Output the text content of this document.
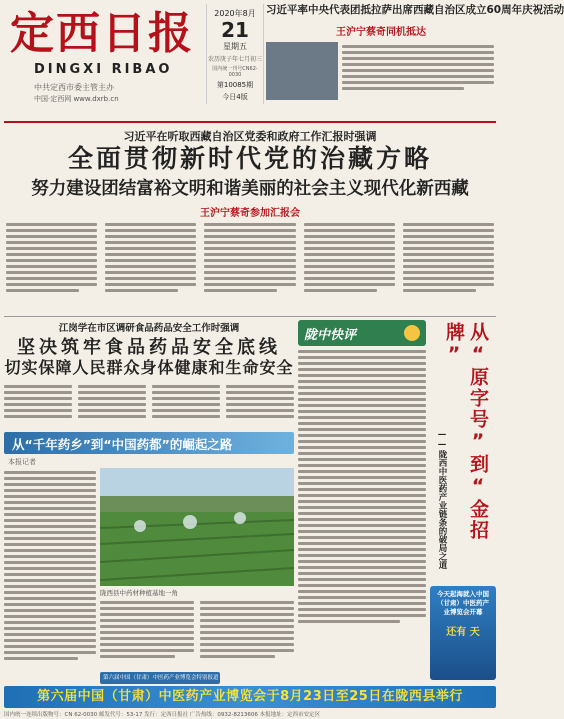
定西日报
DINGXI RIBAO
中共定西市委主管主办
中国·定西网 www.dxrb.cn
2020年8月
21
星期五
农历庚子年七月初三
国内统一刊号CN62-0030
第10085期
今日4版
习近平率中央代表团抵拉萨出席西藏自治区成立60周年庆祝活动
王沪宁蔡奇同机抵达
习近平在听取西藏自治区党委和政府工作汇报时强调
全面贯彻新时代党的治藏方略
努力建设团结富裕文明和谐美丽的社会主义现代化新西藏
王沪宁蔡奇参加汇报会
江岗学在市区调研食品药品安全工作时强调
坚决筑牢食品药品安全底线
切实保障人民群众身体健康和生命安全
陇中快评	从“原字号”到“金招牌”
——陇西中医药产业链条的破局之道
从“千年药乡”到“中国药都”的崛起之路
本报记者
陇西县中药材种植基地一角
第六届中国（甘肃）中医药产业博览会特别报道
今天起海就入中国（甘肃）中医药产业博览会开幕
还有 天
第六届中国（甘肃）中医药产业博览会于8月23日至25日在陇西县举行
国内统一连续出版物号：CN 62-0030 邮发代号：53-17 发行：定西日报社 广告热线：0932-8213606 本报地址：定西市安定区
